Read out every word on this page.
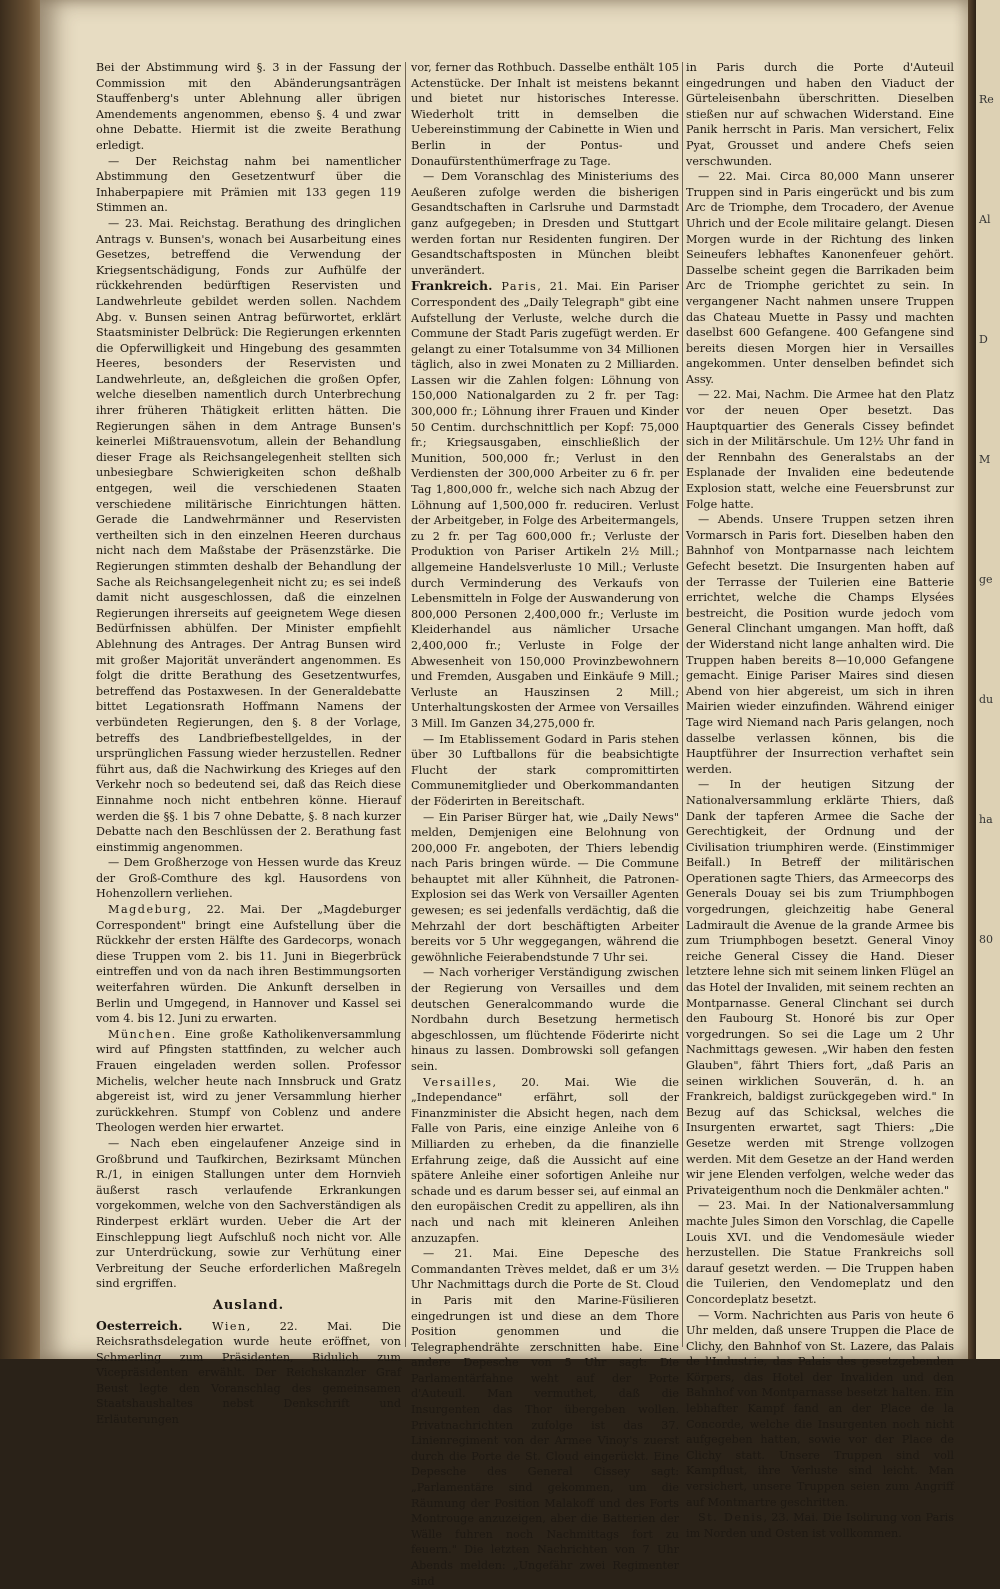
Bei der Abstimmung wird §. 3 in der Fassung der Commission mit den Abänderungsanträgen Stauffenberg's unter Ablehnung aller übrigen Amendements angenommen, ebenso §. 4 und zwar ohne Debatte. Hiermit ist die zweite Berathung erledigt.

— Der Reichstag nahm bei namentlicher Abstimmung den Gesetzentwurf über die Inhaberpapiere mit Prämien mit 133 gegen 119 Stimmen an.

— 23. Mai. Reichstag. Berathung des dringlichen Antrags v. Bunsen's, wonach bei Ausarbeitung eines Gesetzes, betreffend die Verwendung der Kriegsentschädigung, Fonds zur Aufhülfe der rückkehrenden bedürftigen Reservisten und Landwehrleute gebildet werden sollen. Nachdem Abg. v. Bunsen seinen Antrag befürwortet, erklärt Staatsminister Delbrück: Die Regierungen erkennten die Opferwilligkeit und Hingebung des gesammten Heeres, besonders der Reservisten und Landwehrleute, an, deßgleichen die großen Opfer, welche dieselben namentlich durch Unterbrechung ihrer früheren Thätigkeit erlitten hätten. Die Regierungen sähen in dem Antrage Bunsen's keinerlei Mißtrauensvotum, allein der Behandlung dieser Frage als Reichsangelegenheit stellten sich unbesiegbare Schwierigkeiten schon deßhalb entgegen, weil die verschiedenen Staaten verschiedene militärische Einrichtungen hätten. Gerade die Landwehrmänner und Reservisten vertheilten sich in den einzelnen Heeren durchaus nicht nach dem Maßstabe der Präsenzstärke. Die Regierungen stimmten deshalb der Behandlung der Sache als Reichsangelegenheit nicht zu; es sei indeß damit nicht ausgeschlossen, daß die einzelnen Regierungen ihrerseits auf geeignetem Wege diesen Bedürfnissen abhülfen. Der Minister empfiehlt Ablehnung des Antrages. Der Antrag Bunsen wird mit großer Majorität unverändert angenommen. Es folgt die dritte Berathung des Gesetzentwurfes, betreffend das Postaxwesen. In der Generaldebatte bittet Legationsrath Hoffmann Namens der verbündeten Regierungen, den §. 8 der Vorlage, betreffs des Landbriefbestellgeldes, in der ursprünglichen Fassung wieder herzustellen. Redner führt aus, daß die Nachwirkung des Krieges auf den Verkehr noch so bedeutend sei, daß das Reich diese Einnahme noch nicht entbehren könne. Hierauf werden die §§. 1 bis 7 ohne Debatte, §. 8 nach kurzer Debatte nach den Beschlüssen der 2. Berathung fast einstimmig angenommen.

— Dem Großherzoge von Hessen wurde das Kreuz der Groß-Comthure des kgl. Hausordens von Hohenzollern verliehen.

Magdeburg, 22. Mai. Der „Magdeburger Correspondent" bringt eine Aufstellung über die Rückkehr der ersten Hälfte des Gardecorps, wonach diese Truppen vom 2. bis 11. Juni in Biegerbrück eintreffen und von da nach ihren Bestimmungsorten weiterfahren würden. Die Ankunft derselben in Berlin und Umgegend, in Hannover und Kassel sei vom 4. bis 12. Juni zu erwarten.

München. Eine große Katholikenversammlung wird auf Pfingsten stattfinden, zu welcher auch Frauen eingeladen werden sollen. Professor Michelis, welcher heute nach Innsbruck und Gratz abgereist ist, wird zu jener Versammlung hierher zurückkehren. Stumpf von Coblenz und andere Theologen werden hier erwartet.

— Nach eben eingelaufener Anzeige sind in Großbrund und Taufkirchen, Bezirksamt München R./1, in einigen Stallungen unter dem Hornvieh äußerst rasch verlaufende Erkrankungen vorgekommen, welche von den Sachverständigen als Rinderpest erklärt wurden. Ueber die Art der Einschleppung liegt Aufschluß noch nicht vor. Alle zur Unterdrückung, sowie zur Verhütung einer Verbreitung der Seuche erforderlichen Maßregeln sind ergriffen.

Ausland.

Oesterreich.	Wien, 22. Mai. Die Reichsrathsdelegation wurde heute eröffnet, von Schmerling zum Präsidenten, Bidulich zum Vicepräsidenten erwählt. Der Reichskanzler Graf Beust legte den Voranschlag des gemeinsamen Staatshaushaltes nebst Denkschrift und Erläuterungen

vor, ferner das Rothbuch. Dasselbe enthält 105 Actenstücke. Der Inhalt ist meistens bekannt und bietet nur historisches Interesse. Wiederholt tritt in demselben die Uebereinstimmung der Cabinette in Wien und Berlin in der Pontus- und Donaufürstenthümerfrage zu Tage.

— Dem Voranschlag des Ministeriums des Aeußeren zufolge werden die bisherigen Gesandtschaften in Carlsruhe und Darmstadt ganz aufgegeben; in Dresden und Stuttgart werden fortan nur Residenten fungiren. Der Gesandtschaftsposten in München bleibt unverändert.

Frankreich. Paris, 21. Mai. Ein Pariser Correspondent des „Daily Telegraph" gibt eine Aufstellung der Verluste, welche durch die Commune der Stadt Paris zugefügt werden. Er gelangt zu einer Totalsumme von 34 Millionen täglich, also in zwei Monaten zu 2 Milliarden. Lassen wir die Zahlen folgen: Löhnung von 150,000 Nationalgarden zu 2 fr. per Tag: 300,000 fr.; Löhnung ihrer Frauen und Kinder 50 Centim. durchschnittlich per Kopf: 75,000 fr.; Kriegsausgaben, einschließlich der Munition, 500,000 fr.; Verlust in den Verdiensten der 300,000 Arbeiter zu 6 fr. per Tag 1,800,000 fr., welche sich nach Abzug der Löhnung auf 1,500,000 fr. reduciren. Verlust der Arbeitgeber, in Folge des Arbeitermangels, zu 2 fr. per Tag 600,000 fr.; Verluste der Produktion von Pariser Artikeln 2½ Mill.; allgemeine Handelsverluste 10 Mill.; Verluste durch Verminderung des Verkaufs von Lebensmitteln in Folge der Auswanderung von 800,000 Personen 2,400,000 fr.; Verluste im Kleiderhandel aus nämlicher Ursache 2,400,000 fr.; Verluste in Folge der Abwesenheit von 150,000 Provinzbewohnern und Fremden, Ausgaben und Einkäufe 9 Mill.; Verluste an Hauszinsen 2 Mill.; Unterhaltungskosten der Armee von Versailles 3 Mill. Im Ganzen 34,275,000 fr.

— Im Etablissement Godard in Paris stehen über 30 Luftballons für die beabsichtigte Flucht der stark compromittirten Communemitglieder und Oberkommandanten der Föderirten in Bereitschaft.

— Ein Pariser Bürger hat, wie „Daily News" melden, Demjenigen eine Belohnung von 200,000 Fr. angeboten, der Thiers lebendig nach Paris bringen würde. — Die Commune behauptet mit aller Kühnheit, die Patronen-Explosion sei das Werk von Versailler Agenten gewesen; es sei jedenfalls verdächtig, daß die Mehrzahl der dort beschäftigten Arbeiter bereits vor 5 Uhr weggegangen, während die gewöhnliche Feierabendstunde 7 Uhr sei.

— Nach vorheriger Verständigung zwischen der Regierung von Versailles und dem deutschen Generalcommando wurde die Nordbahn durch Besetzung hermetisch abgeschlossen, um flüchtende Föderirte nicht hinaus zu lassen. Dombrowski soll gefangen sein.

Versailles, 20. Mai. Wie die „Independance" erfährt, soll der Finanzminister die Absicht hegen, nach dem Falle von Paris, eine einzige Anleihe von 6 Milliarden zu erheben, da die finanzielle Erfahrung zeige, daß die Aussicht auf eine spätere Anleihe einer sofortigen Anleihe nur schade und es darum besser sei, auf einmal an den europäischen Credit zu appelliren, als ihn nach und nach mit kleineren Anleihen anzuzapfen.

— 21. Mai. Eine Depesche des Commandanten Trèves meldet, daß er um 3½ Uhr Nachmittags durch die Porte de St. Cloud in Paris mit den Marine-Füsilieren eingedrungen ist und diese an dem Thore Position genommen und die Telegraphendrähte zerschnitten habe. Eine andere Depesche von 5 Uhr sagt: Die Parlamentärfahne weht auf der Porte d'Auteuil. Man vermuthet, daß die Insurgenten das Thor übergeben wollen. Privatnachrichten zufolge ist das 37. Linienregiment von der Armee Vinoy's zuerst durch die Porte de St. Cloud eingerückt. Eine Depesche des General Cissey sagt: „Parlamentäre sind gekommen, um die Räumung der Position Malakoff und des Forts Montrouge anzuzeigen, aber die Batterien der Wälle fuhren noch Nachmittags fort zu feuern." Die letzten Nachrichten von 7 Uhr Abends melden: „Ungefähr zwei Regimenter sind

in Paris durch die Porte d'Auteuil eingedrungen und haben den Viaduct der Gürteleisenbahn überschritten. Dieselben stießen nur auf schwachen Widerstand. Eine Panik herrscht in Paris. Man versichert, Felix Pyat, Grousset und andere Chefs seien verschwunden.

— 22. Mai. Circa 80,000 Mann unserer Truppen sind in Paris eingerückt und bis zum Arc de Triomphe, dem Trocadero, der Avenue Uhrich und der Ecole militaire gelangt. Diesen Morgen wurde in der Richtung des linken Seineufers lebhaftes Kanonenfeuer gehört. Dasselbe scheint gegen die Barrikaden beim Arc de Triomphe gerichtet zu sein. In vergangener Nacht nahmen unsere Truppen das Chateau Muette in Passy und machten daselbst 600 Gefangene. 400 Gefangene sind bereits diesen Morgen hier in Versailles angekommen. Unter denselben befindet sich Assy.

— 22. Mai, Nachm. Die Armee hat den Platz vor der neuen Oper besetzt. Das Hauptquartier des Generals Cissey befindet sich in der Militärschule. Um 12½ Uhr fand in der Rennbahn des Generalstabs an der Esplanade der Invaliden eine bedeutende Explosion statt, welche eine Feuersbrunst zur Folge hatte.

— Abends. Unsere Truppen setzen ihren Vormarsch in Paris fort. Dieselben haben den Bahnhof von Montparnasse nach leichtem Gefecht besetzt. Die Insurgenten haben auf der Terrasse der Tuilerien eine Batterie errichtet, welche die Champs Elysées bestreicht, die Position wurde jedoch vom General Clinchant umgangen. Man hofft, daß der Widerstand nicht lange anhalten wird. Die Truppen haben bereits 8—10,000 Gefangene gemacht. Einige Pariser Maires sind diesen Abend von hier abgereist, um sich in ihren Mairien wieder einzufinden. Während einiger Tage wird Niemand nach Paris gelangen, noch dasselbe verlassen können, bis die Hauptführer der Insurrection verhaftet sein werden.

— In der heutigen Sitzung der Nationalversammlung erklärte Thiers, daß Dank der tapferen Armee die Sache der Gerechtigkeit, der Ordnung und der Civilisation triumphiren werde. (Einstimmiger Beifall.) In Betreff der militärischen Operationen sagte Thiers, das Armeecorps des Generals Douay sei bis zum Triumphbogen vorgedrungen, gleichzeitig habe General Ladmirault die Avenue de la grande Armee bis zum Triumphbogen besetzt. General Vinoy reiche General Cissey die Hand. Dieser letztere lehne sich mit seinem linken Flügel an das Hotel der Invaliden, mit seinem rechten an Montparnasse. General Clinchant sei durch den Faubourg St. Honoré bis zur Oper vorgedrungen. So sei die Lage um 2 Uhr Nachmittags gewesen. „Wir haben den festen Glauben", fährt Thiers fort, „daß Paris an seinen wirklichen Souverän, d. h. an Frankreich, baldigst zurückgegeben wird." In Bezug auf das Schicksal, welches die Insurgenten erwartet, sagt Thiers: „Die Gesetze werden mit Strenge vollzogen werden. Mit dem Gesetze an der Hand werden wir jene Elenden verfolgen, welche weder das Privateigenthum noch die Denkmäler achten."

— 23. Mai. In der Nationalversammlung machte Jules Simon den Vorschlag, die Capelle Louis XVI. und die Vendomesäule wieder herzustellen. Die Statue Frankreichs soll darauf gesetzt werden. — Die Truppen haben die Tuilerien, den Vendomeplatz und den Concordeplatz besetzt.

— Vorm. Nachrichten aus Paris von heute 6 Uhr melden, daß unsere Truppen die Place de Clichy, den Bahnhof von St. Lazere, das Palais de l'Industrie, das Palais des gesetzgebenden Körpers, das Hotel der Invaliden und den Bahnhof von Montparnasse besetzt halten. Ein lebhafter Kampf fand an der Place de la Concorde, welche die Insurgenten noch nicht aufgegeben hatten, sowie vor der Place de Clichy statt. Unsere Truppen sind voll Kampflust, ihre Verluste sind leicht. Man versichert, unsere Truppen seien zum Angriff auf Montmartre geschritten.

St. Denis, 23. Mai. Die Isolirung von Paris im Norden und Osten ist vollkommen.

Re
Al
D
M
ge
du
ha
80
